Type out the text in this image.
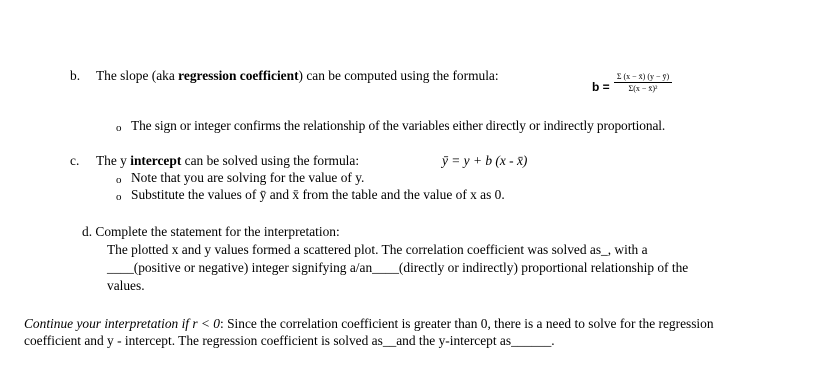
b. The slope (aka regression coefficient) can be computed using the formula:
b =
Σ (x − x̄) (y − ȳ)
Σ(x − x̄)²
o The sign or integer confirms the relationship of the variables either directly or indirectly proportional.
c. The y intercept can be solved using the formula:	ȳ = y + b (x - x̄)
o Note that you are solving for the value of y.
o Substitute the values of ȳ and x̄ from the table and the value of x as 0.
d. Complete the statement for the interpretation:
The plotted x and y values formed a scattered plot. The correlation coefficient was solved as_, with a
____(positive or negative) integer signifying a/an____(directly or indirectly) proportional relationship of the
values.
Continue your interpretation if r < 0: Since the correlation coefficient is greater than 0, there is a need to solve for the regression
coefficient and y - intercept. The regression coefficient is solved as__and the y-intercept as______.
